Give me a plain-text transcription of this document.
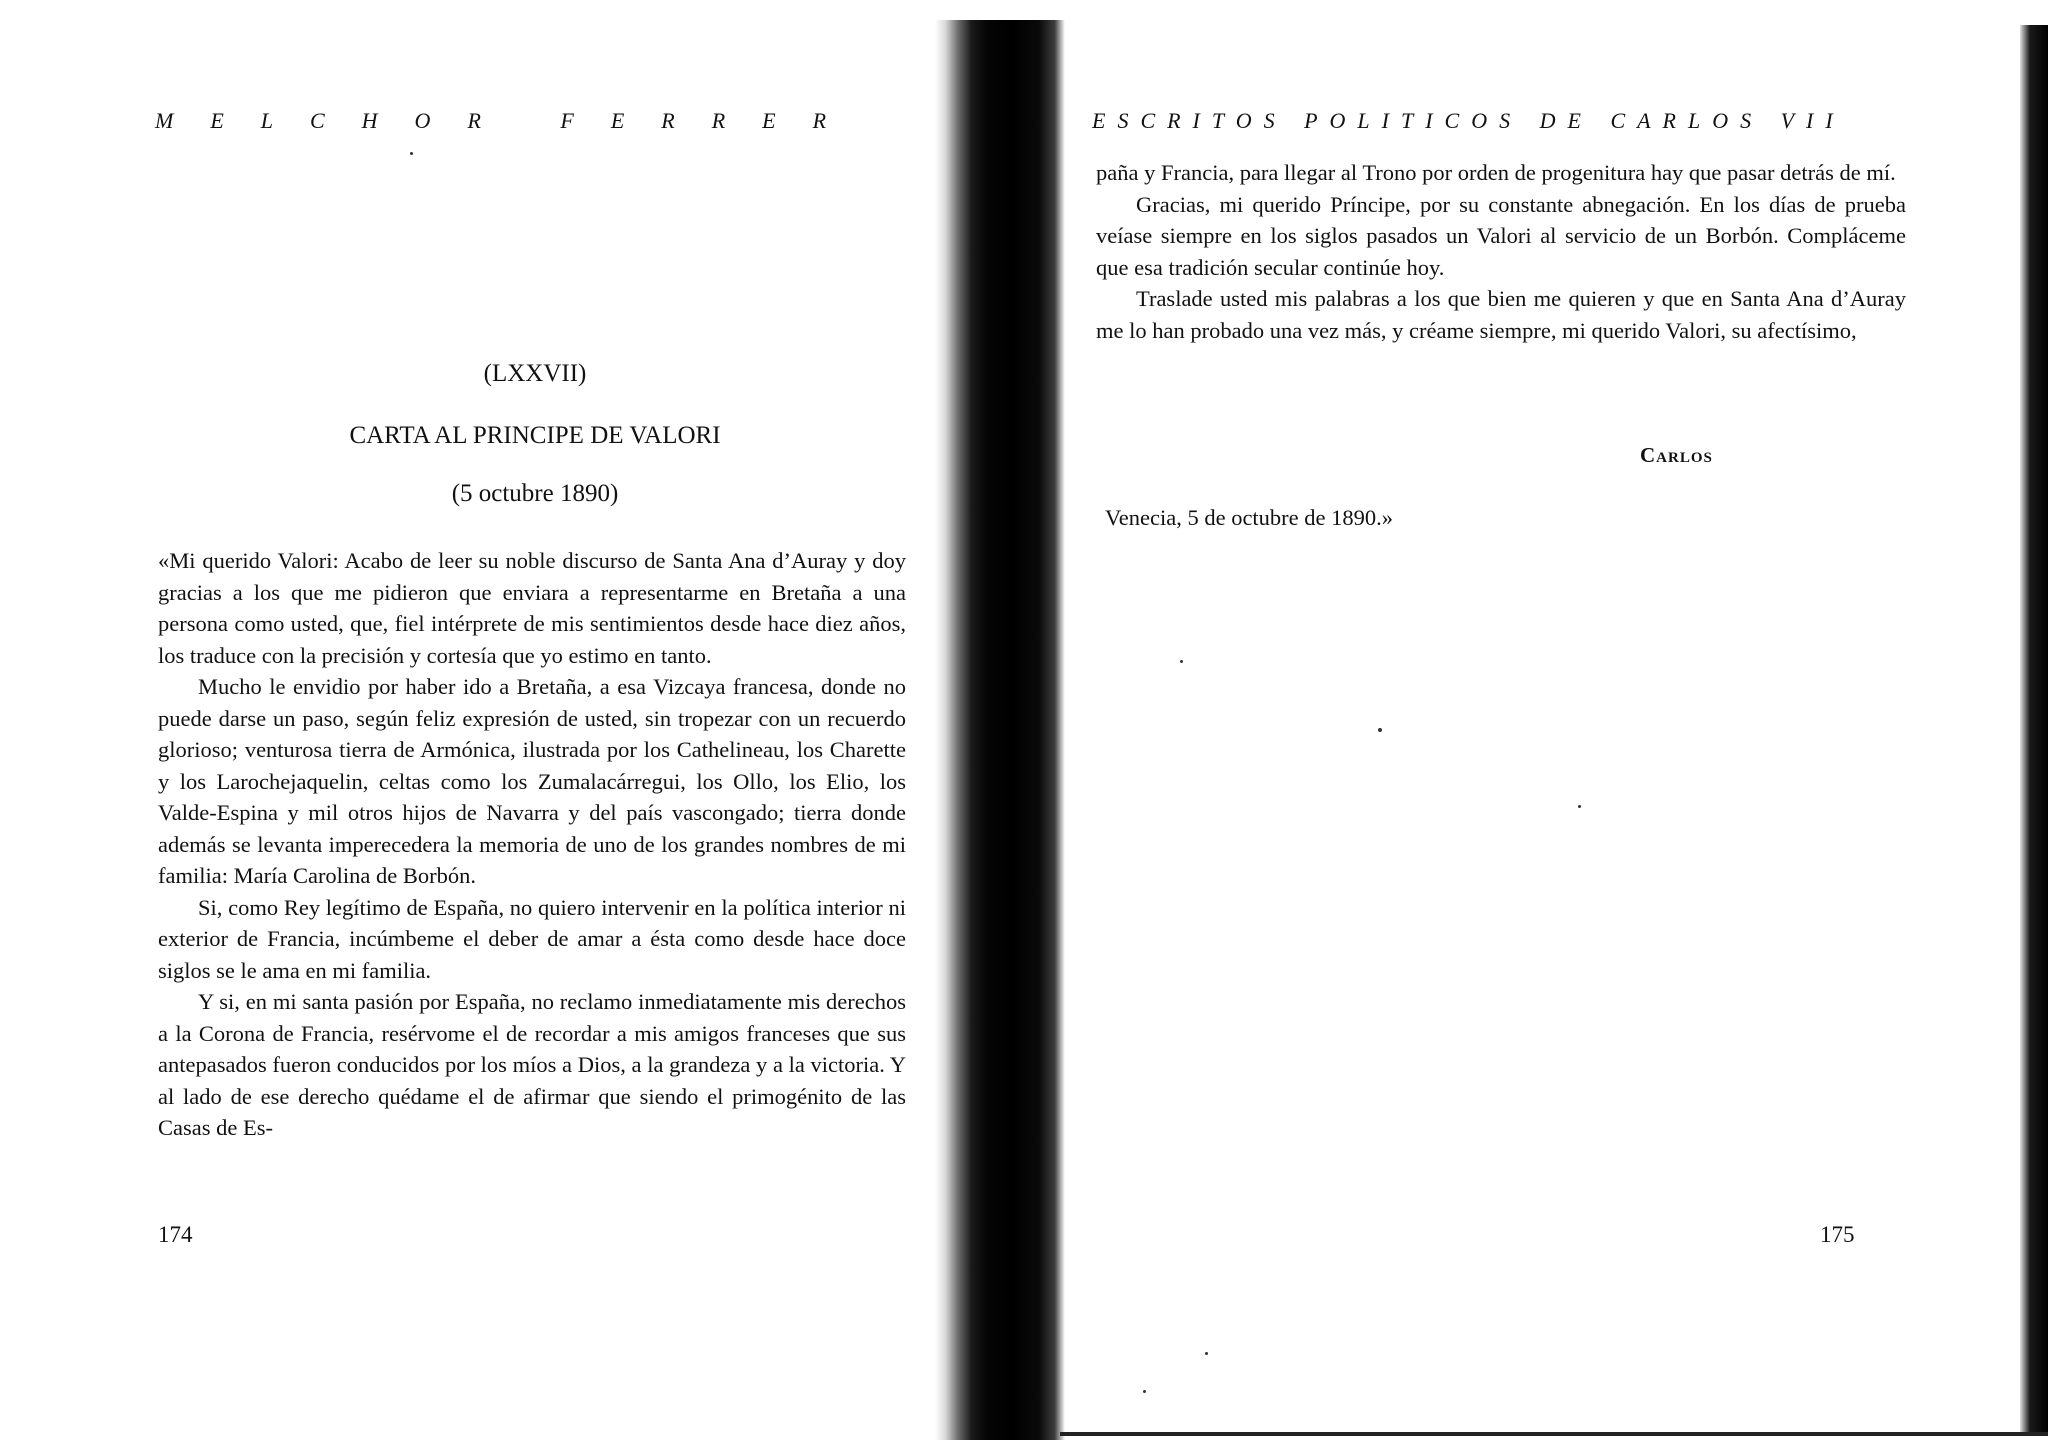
MELCHOR FERRER
(LXXVII)
CARTA AL PRINCIPE DE VALORI
(5 octubre 1890)

«Mi querido Valori: Acabo de leer su noble discurso de Santa Ana d’Auray y doy gracias a los que me pidieron que enviara a representarme en Bretaña a una persona como usted, que, fiel intérprete de mis sentimientos desde hace diez años, los traduce con la precisión y cortesía que yo estimo en tanto.

Mucho le envidio por haber ido a Bretaña, a esa Vizcaya francesa, donde no puede darse un paso, según feliz expresión de usted, sin tropezar con un recuerdo glorioso; venturosa tierra de Armónica, ilustrada por los Cathelineau, los Charette y los Larochejaquelin, celtas como los Zumalacárregui, los Ollo, los Elio, los Valde-Espina y mil otros hijos de Navarra y del país vascongado; tierra donde además se levanta imperecedera la memoria de uno de los grandes nombres de mi familia: María Carolina de Borbón.

Si, como Rey legítimo de España, no quiero intervenir en la política interior ni exterior de Francia, incúmbeme el deber de amar a ésta como desde hace doce siglos se le ama en mi familia.

Y si, en mi santa pasión por España, no reclamo inmediatamente mis derechos a la Corona de Francia, resérvome el de recordar a mis amigos franceses que sus antepasados fueron conducidos por los míos a Dios, a la grandeza y a la victoria. Y al lado de ese derecho quédame el de afirmar que siendo el primogénito de las Casas de Es-

174
ESCRITOS POLITICOS DE CARLOS VII

paña y Francia, para llegar al Trono por orden de progenitura hay que pasar detrás de mí.

Gracias, mi querido Príncipe, por su constante abnegación. En los días de prueba veíase siempre en los siglos pasados un Valori al servicio de un Borbón. Compláceme que esa tradición secular continúe hoy.

Traslade usted mis palabras a los que bien me quieren y que en Santa Ana d’Auray me lo han probado una vez más, y créame siempre, mi querido Valori, su afectísimo,

Carlos
Venecia, 5 de octubre de 1890.»
175
